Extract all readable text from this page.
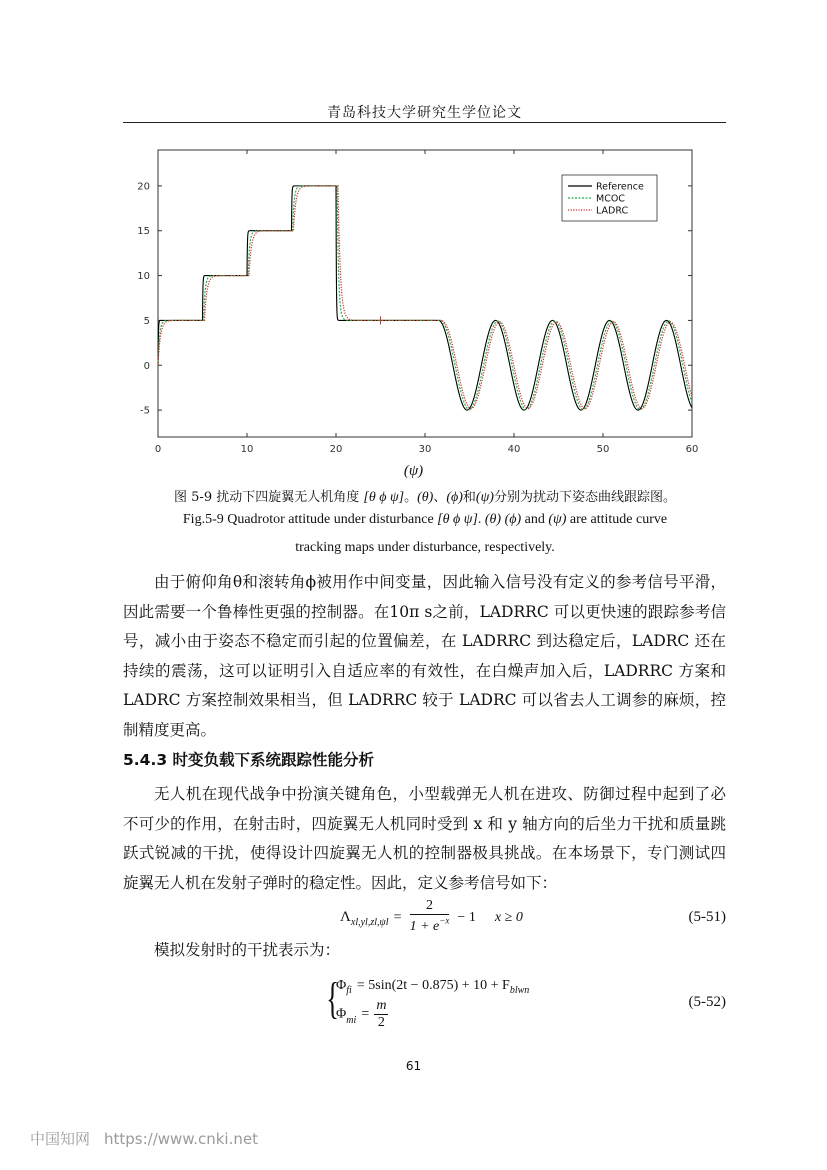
青岛科技大学研究生学位论文
0	10	20	30	40	50	60
-5
0
5
10
15
20	Reference
MCOC
LADRC
(ψ)
图 5-9 扰动下四旋翼无人机角度 [θ ϕ ψ]。(θ)、(ϕ)和(ψ)分别为扰动下姿态曲线跟踪图。
Fig.5-9 Quadrotor attitude under disturbance [θ ϕ ψ]. (θ) (ϕ) and (ψ) are attitude curve
tracking maps under disturbance, respectively.
由于俯仰角θ和滚转角ϕ被用作中间变量，因此输入信号没有定义的参考信号平滑，因此需要一个鲁棒性更强的控制器。在10π s之前，LADRRC 可以更快速的跟踪参考信号，减小由于姿态不稳定而引起的位置偏差，在 LADRRC 到达稳定后，LADRC 还在持续的震荡，这可以证明引入自适应率的有效性，在白燥声加入后，LADRRC 方案和 LADRC 方案控制效果相当，但 LADRRC 较于 LADRC 可以省去人工调参的麻烦，控制精度更高。
5.4.3 时变负载下系统跟踪性能分析
无人机在现代战争中扮演关键角色，小型载弹无人机在进攻、防御过程中起到了必不可少的作用，在射击时，四旋翼无人机同时受到 x 和 y 轴方向的后坐力干扰和质量跳跃式锐减的干扰，使得设计四旋翼无人机的控制器极具挑战。在本场景下，专门测试四旋翼无人机在发射子弹时的稳定性。因此，定义参考信号如下：
$\Lambda_{xl,yl,zl,\psi l} = \frac{2}{1 + e^{-x}} - 1$ x ≥ 0	(5-51)
模拟发射时的干扰表示为：
{
$\Phi_{fi} = 5\sin(2t - 0.875) + 10 + F_{blwn}$
$\Phi_{mi} = \frac{m}{2}$	(5-52)
61
中国知网 https://www.cnki.net
